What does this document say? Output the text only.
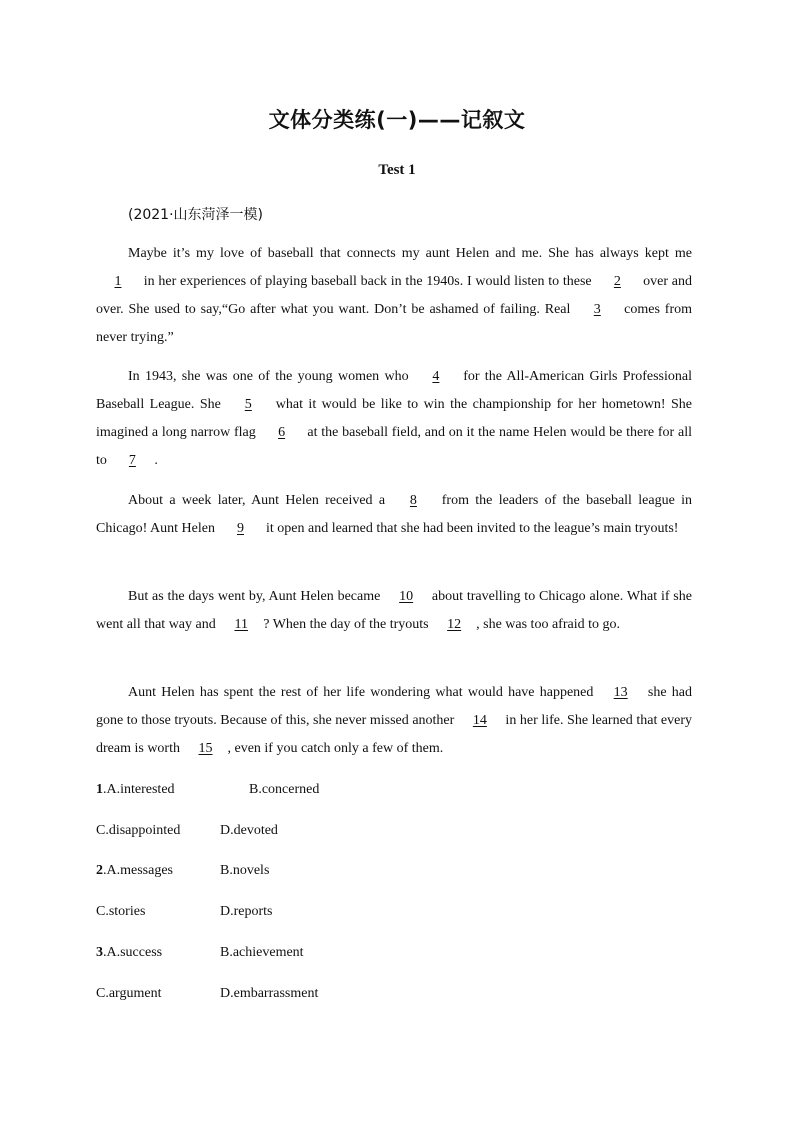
文体分类练(一)——记叙文
Test 1
(2021·山东菏泽一模)

Maybe it’s my love of baseball that connects my aunt Helen and me. She has always kept me 1 in her experiences of playing baseball back in the 1940s. I would listen to these 2 over and over. She used to say,“Go after what you want. Don’t be ashamed of failing. Real 3 comes from never trying.”

In 1943, she was one of the young women who 4 for the All-American Girls Professional Baseball League. She 5 what it would be like to win the championship for her hometown! She imagined a long narrow flag 6 at the baseball field, and on it the name Helen would be there for all to 7 .

About a week later, Aunt Helen received a 8 from the leaders of the baseball league in Chicago! Aunt Helen 9 it open and learned that she had been invited to the league’s main tryouts!

But as the days went by, Aunt Helen became 10 about travelling to Chicago alone. What if she went all that way and 11 ? When the day of the tryouts 12 , she was too afraid to go.

Aunt Helen has spent the rest of her life wondering what would have happened 13 she had gone to those tryouts. Because of this, she never missed another 14 in her life. She learned that every dream is worth 15 , even if you catch only a few of them.

1.A.interested	B.concerned
C.disappointed	D.devoted
2.A.messages	B.novels
C.stories	D.reports
3.A.success	B.achievement
C.argument	D.embarrassment
